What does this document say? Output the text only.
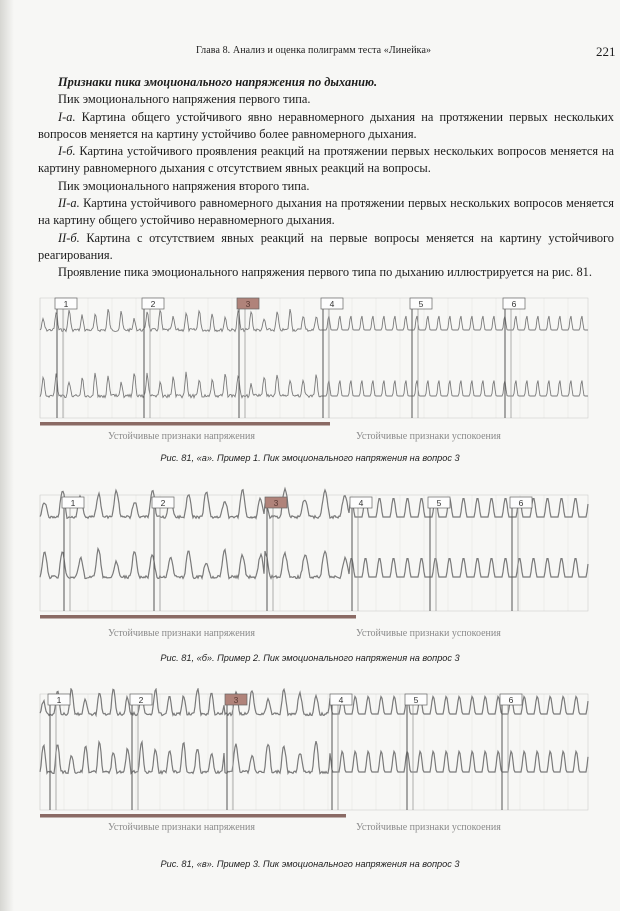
Глава 8. Анализ и оценка полиграмм теста «Линейка»	221

Признаки пика эмоционального напряжения по дыханию.

Пик эмоционального напряжения первого типа.

I-а. Картина общего устойчивого явно неравномерного дыхания на протяжении первых нескольких вопросов меняется на картину устойчиво более равномерного дыхания.

I-б. Картина устойчивого проявления реакций на протяжении первых нескольких вопросов меняется на картину равномерного дыхания с отсутствием явных реакций на вопросы.

Пик эмоционального напряжения второго типа.

II-а. Картина устойчивого равномерного дыхания на протяжении первых нескольких вопросов меняется на картину общего устойчиво неравномерного дыхания.

II-б. Картина с отсутствием явных реакций на первые вопросы меняется на картину устойчивого реагирования.

Проявление пика эмоционального напряжения первого типа по дыханию иллюстрируется на рис. 81.

1	2	3	4	5	6
Устойчивые признаки напряжения	Устойчивые признаки успокоения
Рис. 81, «а». Пример 1. Пик эмоционального напряжения на вопрос 3
1	2	3	4	5	6
Устойчивые признаки напряжения	Устойчивые признаки успокоения
Рис. 81, «б». Пример 2. Пик эмоционального напряжения на вопрос 3
1	2	3	4	5	6
Устойчивые признаки напряжения	Устойчивые признаки успокоения
Рис. 81, «в». Пример 3. Пик эмоционального напряжения на вопрос 3
